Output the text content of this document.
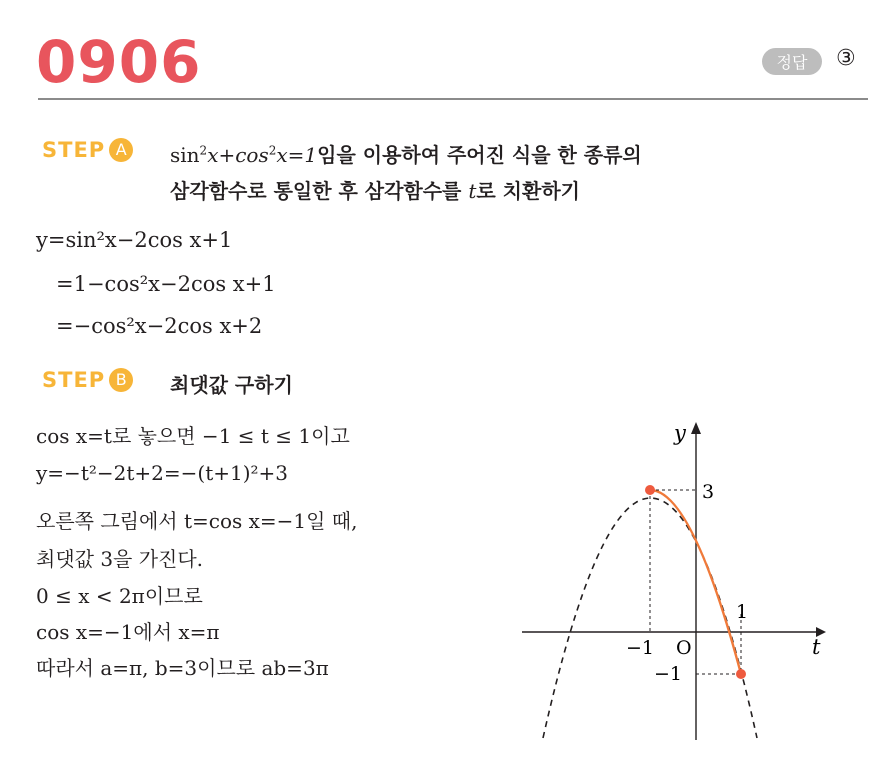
0906	정답	③
STEP A	$\sin^2x+\cos^2x=1$임을 이용하여 주어진 식을 한 종류의
삼각함수로 통일한 후 삼각함수를 t로 치환하기
y=sin²x−2cos x+1
=1−cos²x−2cos x+1
=−cos²x−2cos x+2
STEP B	최댓값 구하기
cos x=t로 놓으면 −1 ≤ t ≤ 1이고
y=−t²−2t+2=−(t+1)²+3
오른쪽 그림에서 t=cos x=−1일 때,
최댓값 3을 가진다.
0 ≤ x < 2π이므로
cos x=−1에서 x=π
따라서 a=π, b=3이므로 ab=3π
y
t
O
3
−1
1
−1
